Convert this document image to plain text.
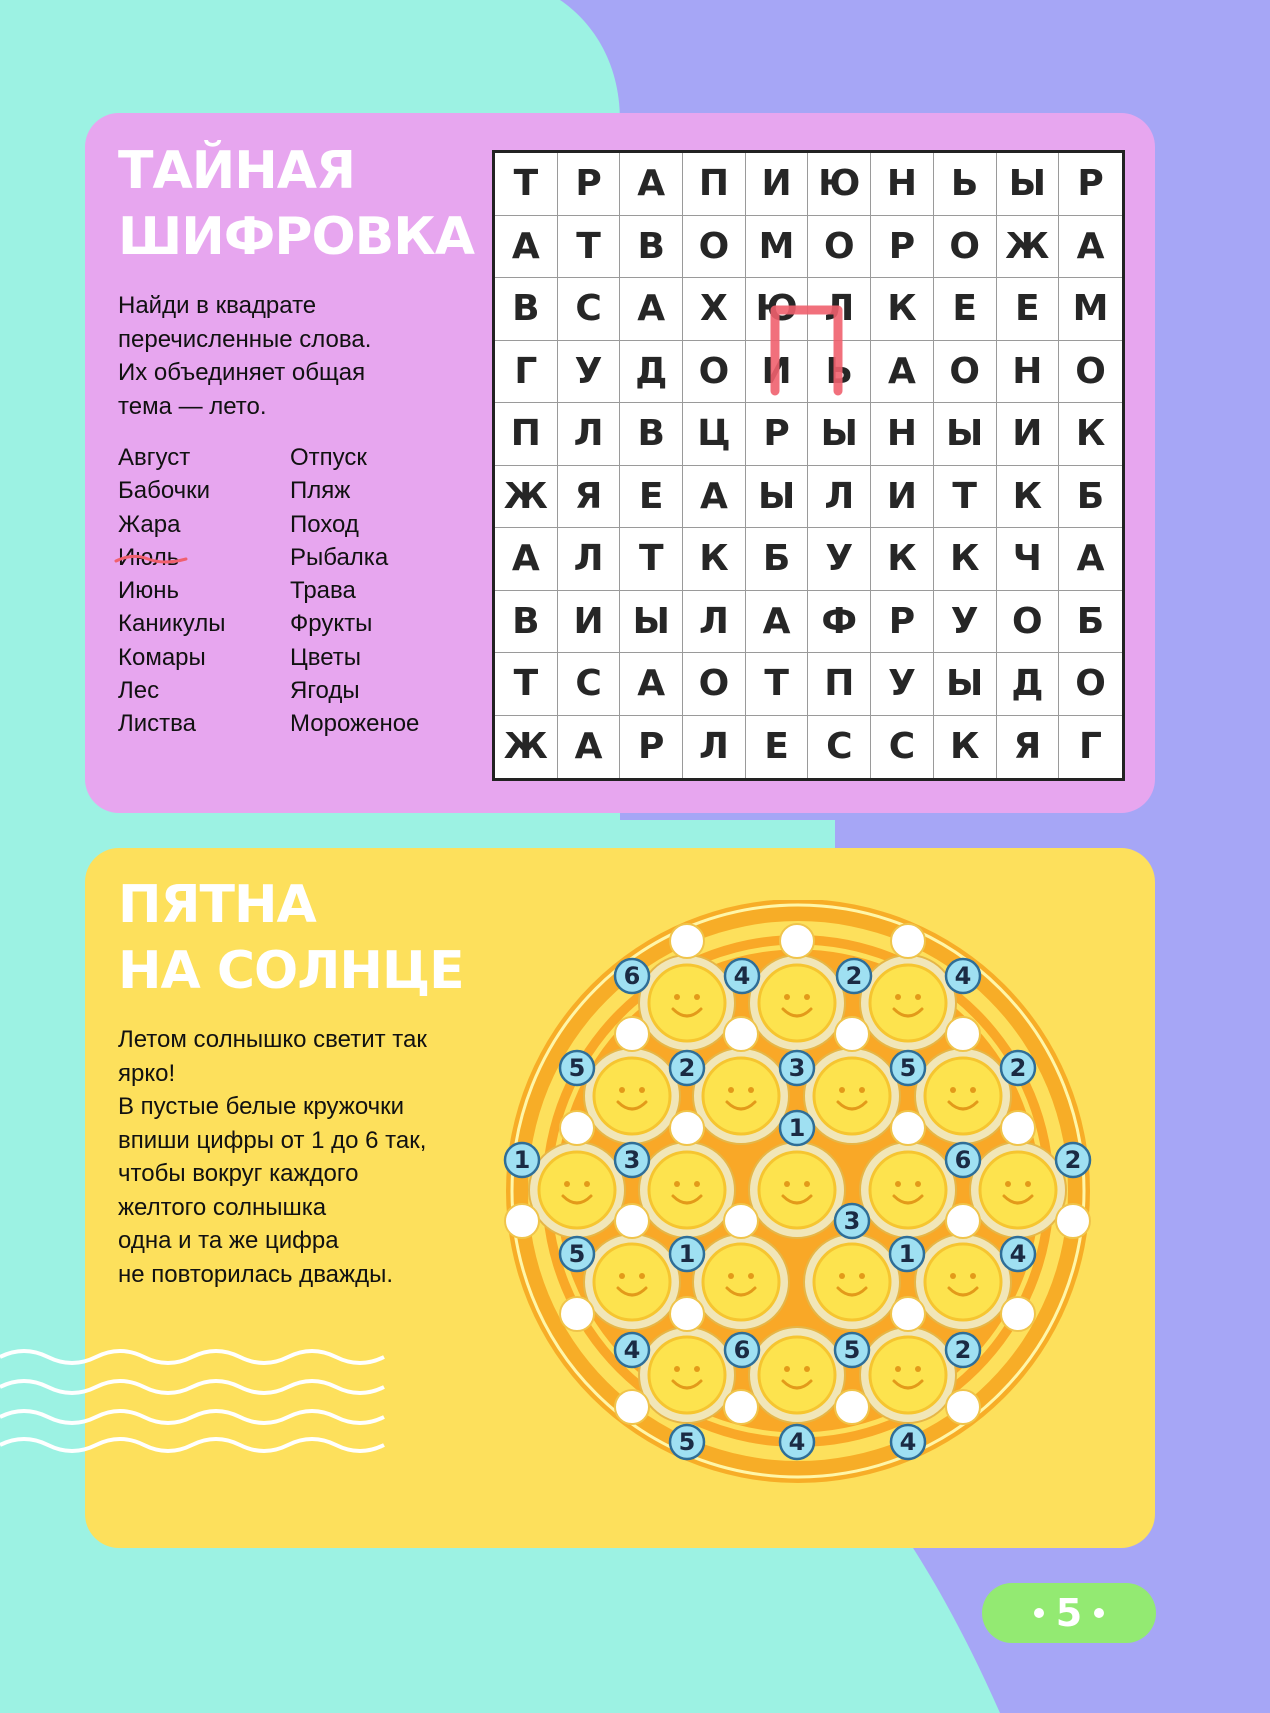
ТАЙНАЯ
ШИФРОВКА
Найди в квадрате
перечисленные слова.
Их объединяет общая
тема — лето.
Август
Бабочки
Жара
Июль
Июнь
Каникулы
Комары
Лес
Листва
Отпуск
Пляж
Поход
Рыбалка
Трава
Фрукты
Цветы
Ягоды
Мороженое
Т	Р А П И Ю Н Ь Ы Р
А	Т	В О М О Р О Ж А
В С А Х Ю Л К Е	Е М
Г	У Д О И Ь А О Н О
П Л В Ц Р Ы Н Ы И К
Ж Я	Е	А Ы Л И Т К Б
А Л Т К Б У К К Ч А
В И Ы Л А Ф Р У О Б
Т	С А О Т П У Ы Д О
Ж А Р Л Е	С	С К Я	Г
ПЯТНА
НА СОЛНЦЕ
Летом солнышко светит так
ярко!
В пустые белые кружочки
впиши цифры от 1 до 6 так,
чтобы вокруг каждого
желтого солнышка
одна и та же цифра
не повторилась дважды.
6	4	2	4
5	2	3	5	2
1
1	3	6	2
3
5	1	1	4
4	6	5	2
5	4	4
5
